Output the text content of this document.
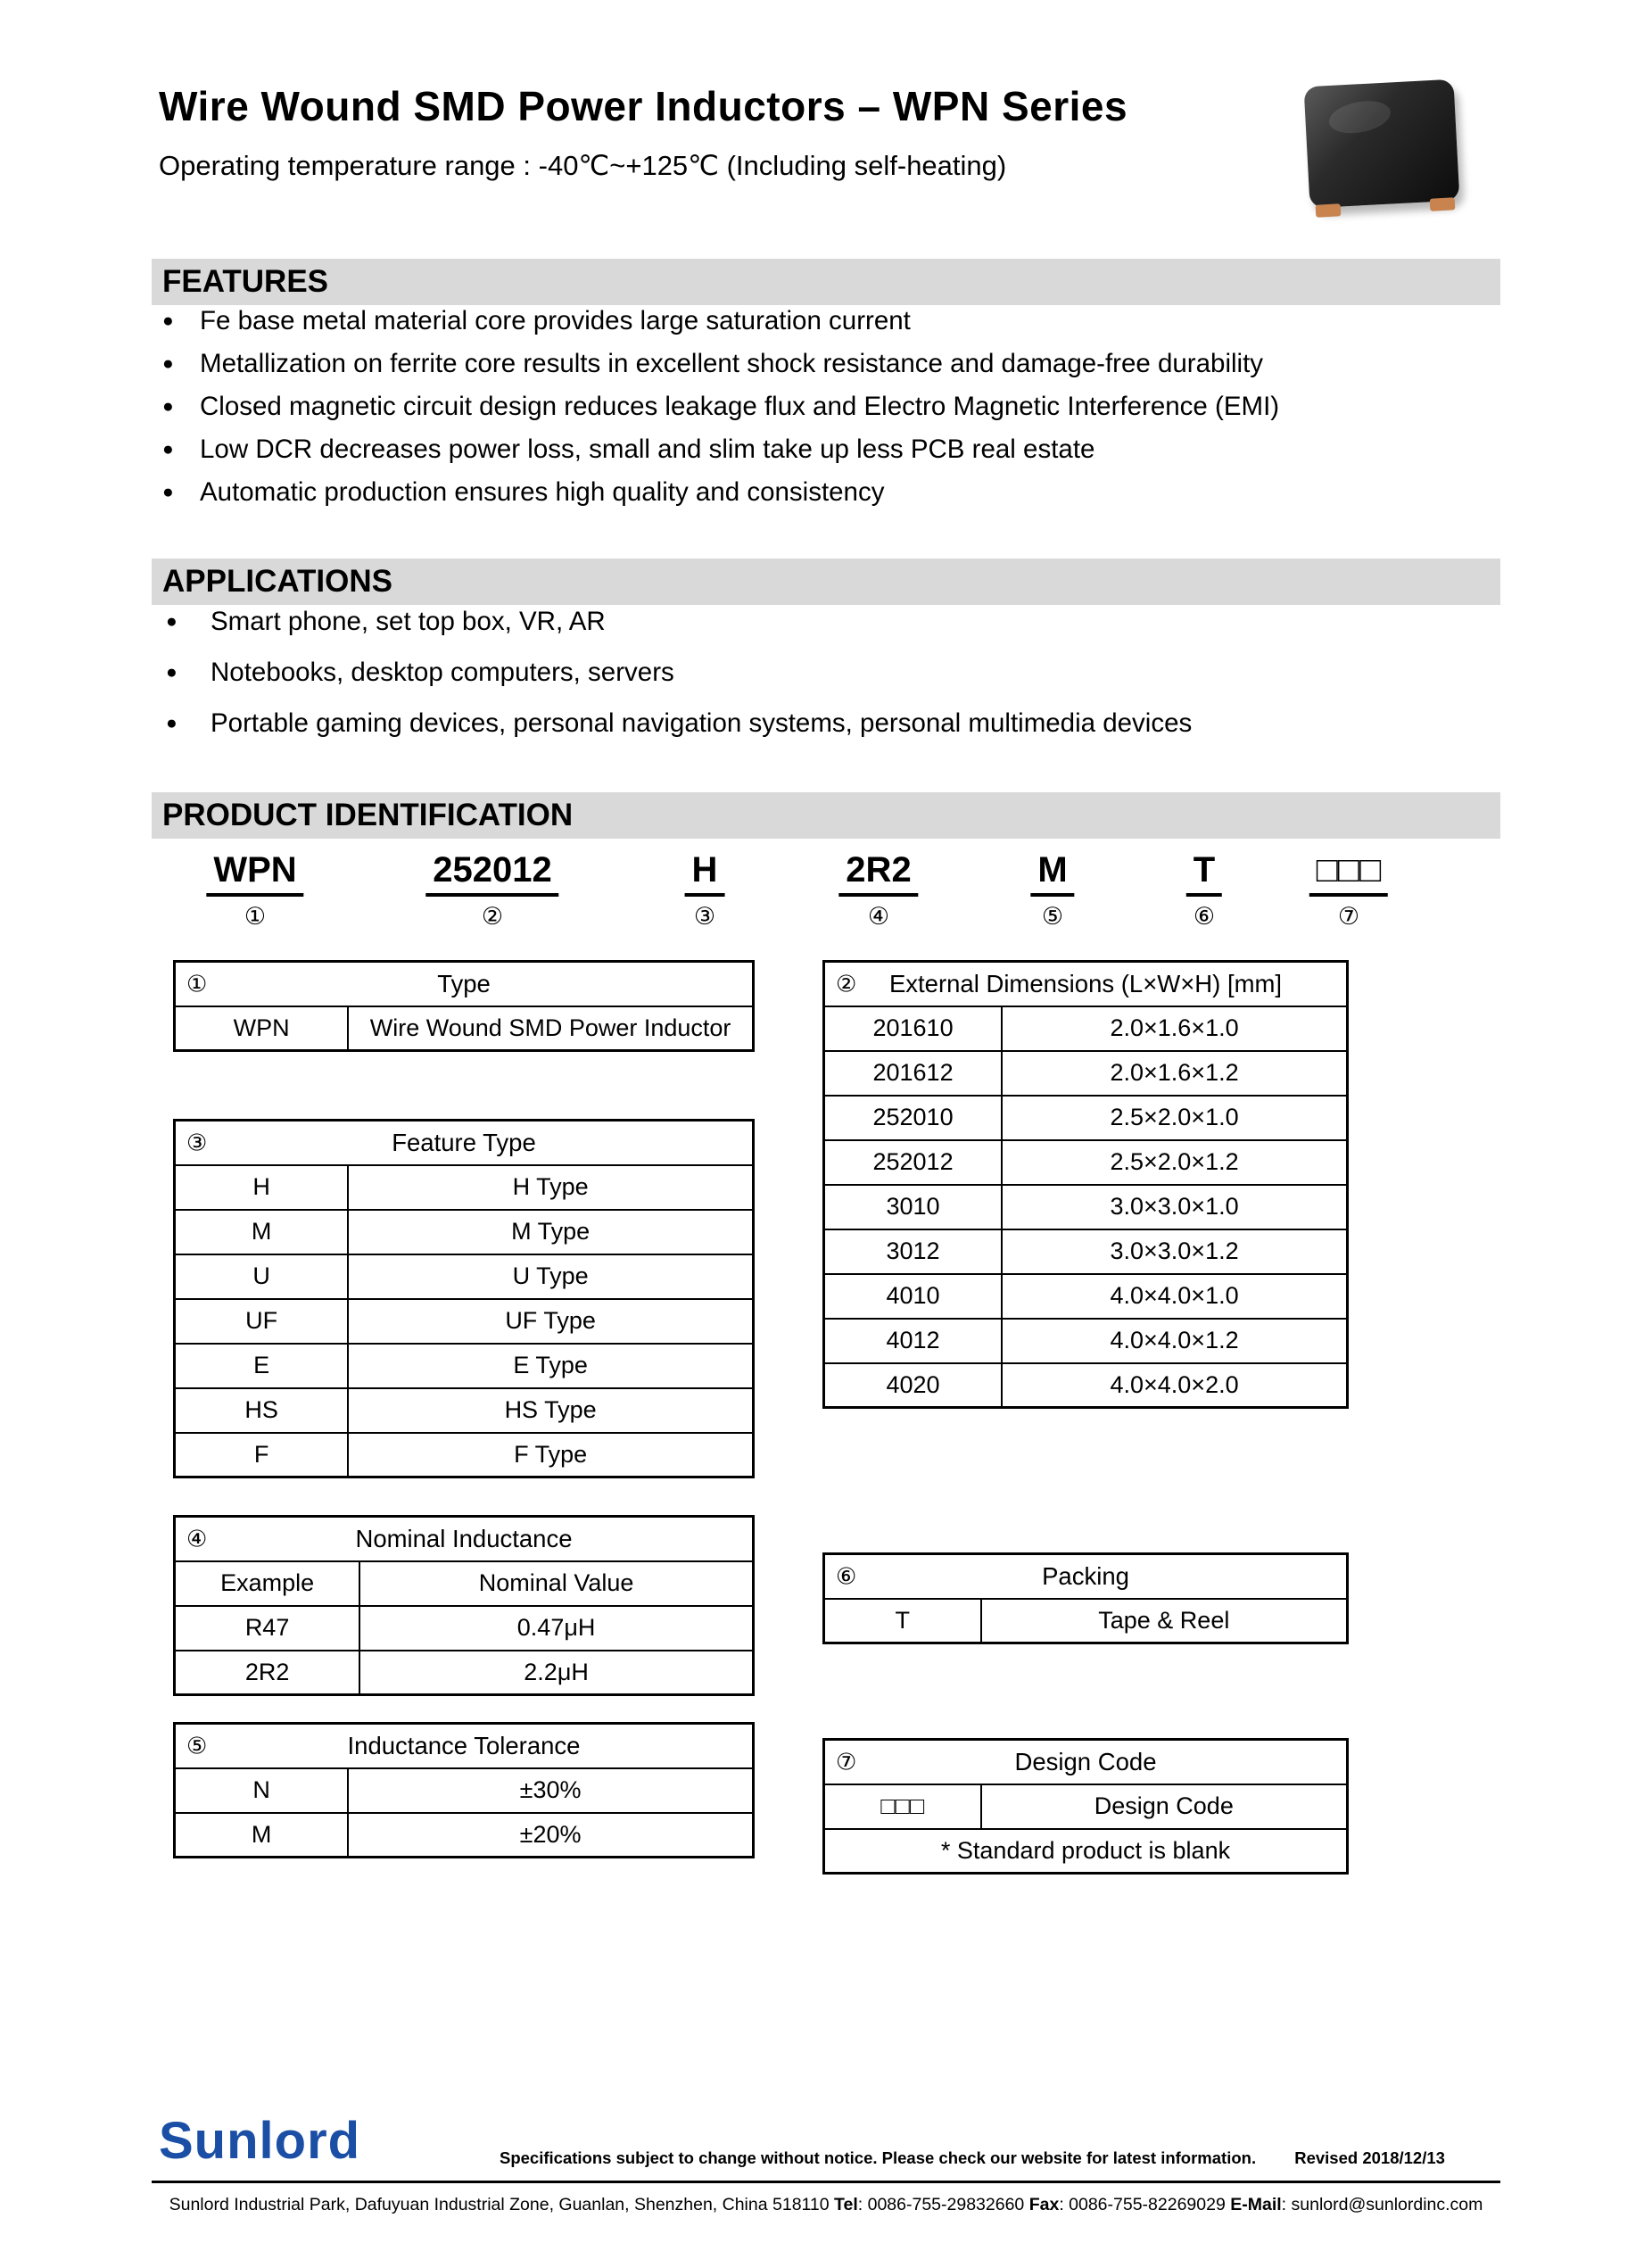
Wire Wound SMD Power Inductors – WPN Series
Operating temperature range : -40℃~+125℃ (Including self-heating)
FEATURES
● Fe base metal material core provides large saturation current
● Metallization on ferrite core results in excellent shock resistance and damage-free durability
● Closed magnetic circuit design reduces leakage flux and Electro Magnetic Interference (EMI)
● Low DCR decreases power loss, small and slim take up less PCB real estate
● Automatic production ensures high quality and consistency
APPLICATIONS
● Smart phone, set top box, VR, AR
● Notebooks, desktop computers, servers
● Portable gaming devices, personal navigation systems, personal multimedia devices
PRODUCT IDENTIFICATION
WPN
①
252012
②
H
③
2R2
④
M
⑤
T
⑥
□□□
⑦
①	Type
WPN	Wire Wound SMD Power Inductor
② External Dimensions (L×W×H) [mm]	
201610	2.0×1.6×1.0
201612	2.0×1.6×1.2
252010	2.5×2.0×1.0
252012	2.5×2.0×1.2
3010	3.0×3.0×1.0
3012	3.0×3.0×1.2
4010	4.0×4.0×1.0
4012	4.0×4.0×1.2
4020	4.0×4.0×2.0
③ Feature Type	
H	H Type
M	M Type
U	U Type
UF	UF Type
E	E Type
HS	HS Type
F	F Type
④ Nominal Inductance	
Example	Nominal Value
R47	0.47μH
2R2	2.2μH
⑤ Inductance Tolerance	
N	±30%
M	±20%
⑥	Packing
T	Tape & Reel
⑦	Design Code
□□□	Design Code
* Standard product is blank
Sunlord	Specifications subject to change without notice. Please check our website for latest information. Revised 2018/12/13
Sunlord Industrial Park, Dafuyuan Industrial Zone, Guanlan, Shenzhen, China 518110 Tel: 0086-755-29832660 Fax: 0086-755-82269029 E-Mail: sunlord@sunlordinc.com
